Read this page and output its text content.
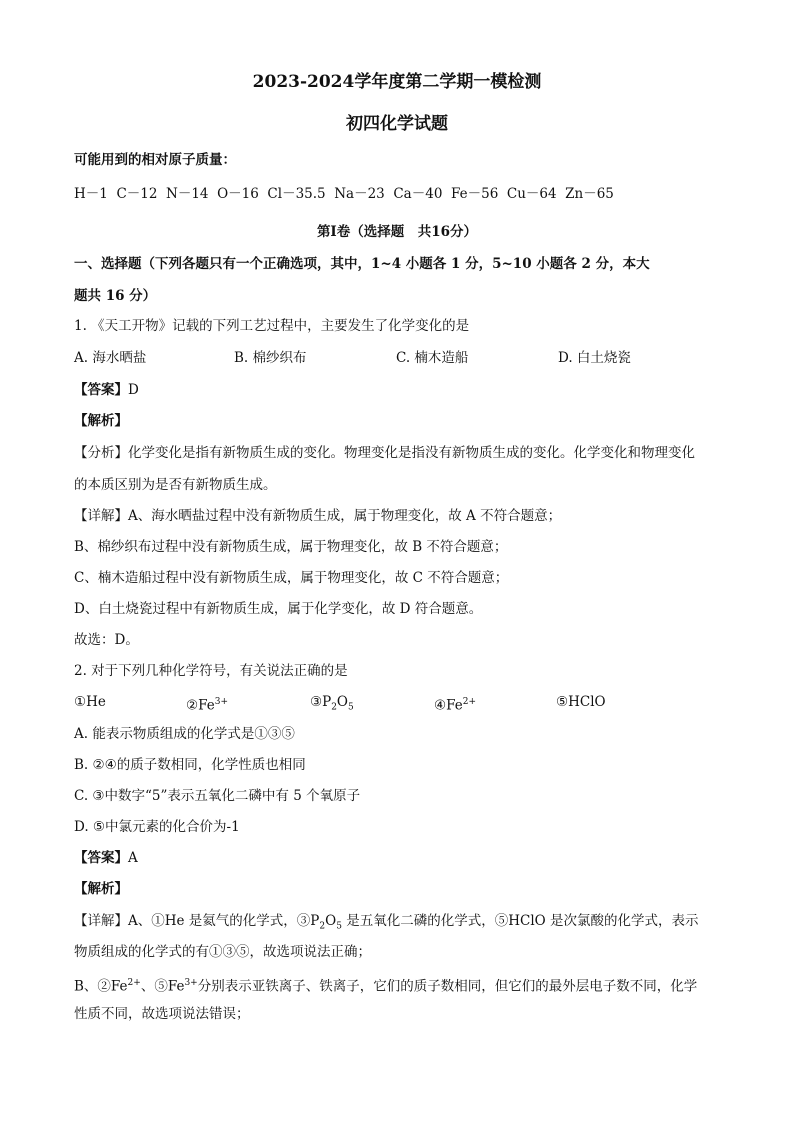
2023-2024学年度第二学期一模检测
初四化学试题
可能用到的相对原子质量：
H－1  C－12  N－14  O－16  Cl－35.5  Na－23  Ca－40  Fe－56  Cu－64  Zn－65
第Ⅰ卷（选择题　共16分）
一、选择题（下列各题只有一个正确选项，其中，1~4 小题各 1 分，5~10 小题各 2 分，本大
题共 16 分）
1. 《天工开物》记载的下列工艺过程中，主要发生了化学变化的是
A. 海水晒盐	B. 棉纱织布	C. 楠木造船	D. 白土烧瓷
【答案】D
【解析】
【分析】化学变化是指有新物质生成的变化。物理变化是指没有新物质生成的变化。化学变化和物理变化
的本质区别为是否有新物质生成。
【详解】A、海水晒盐过程中没有新物质生成，属于物理变化，故 A 不符合题意；
B、棉纱织布过程中没有新物质生成，属于物理变化，故 B 不符合题意；
C、楠木造船过程中没有新物质生成，属于物理变化，故 C 不符合题意；
D、白土烧瓷过程中有新物质生成，属于化学变化，故 D 符合题意。
故选：D。
2. 对于下列几种化学符号，有关说法正确的是
①He	$②Fe^{3+}$	$③P_2O_5$	$④Fe^{2+}$	⑤HClO
A. 能表示物质组成的化学式是①③⑤
B. ②④的质子数相同，化学性质也相同
C. ③中数字“5”表示五氧化二磷中有 5 个氧原子
D. ⑤中氯元素的化合价为-1
【答案】A
【解析】
【详解】A、①He 是氦气的化学式，$③P_2O_5$ 是五氧化二磷的化学式，⑤HClO 是次氯酸的化学式，表示
物质组成的化学式的有①③⑤，故选项说法正确；
B、$②Fe^{2+}$、$⑤Fe^{3+}$分别表示亚铁离子、铁离子，它们的质子数相同，但它们的最外层电子数不同，化学
性质不同，故选项说法错误；
